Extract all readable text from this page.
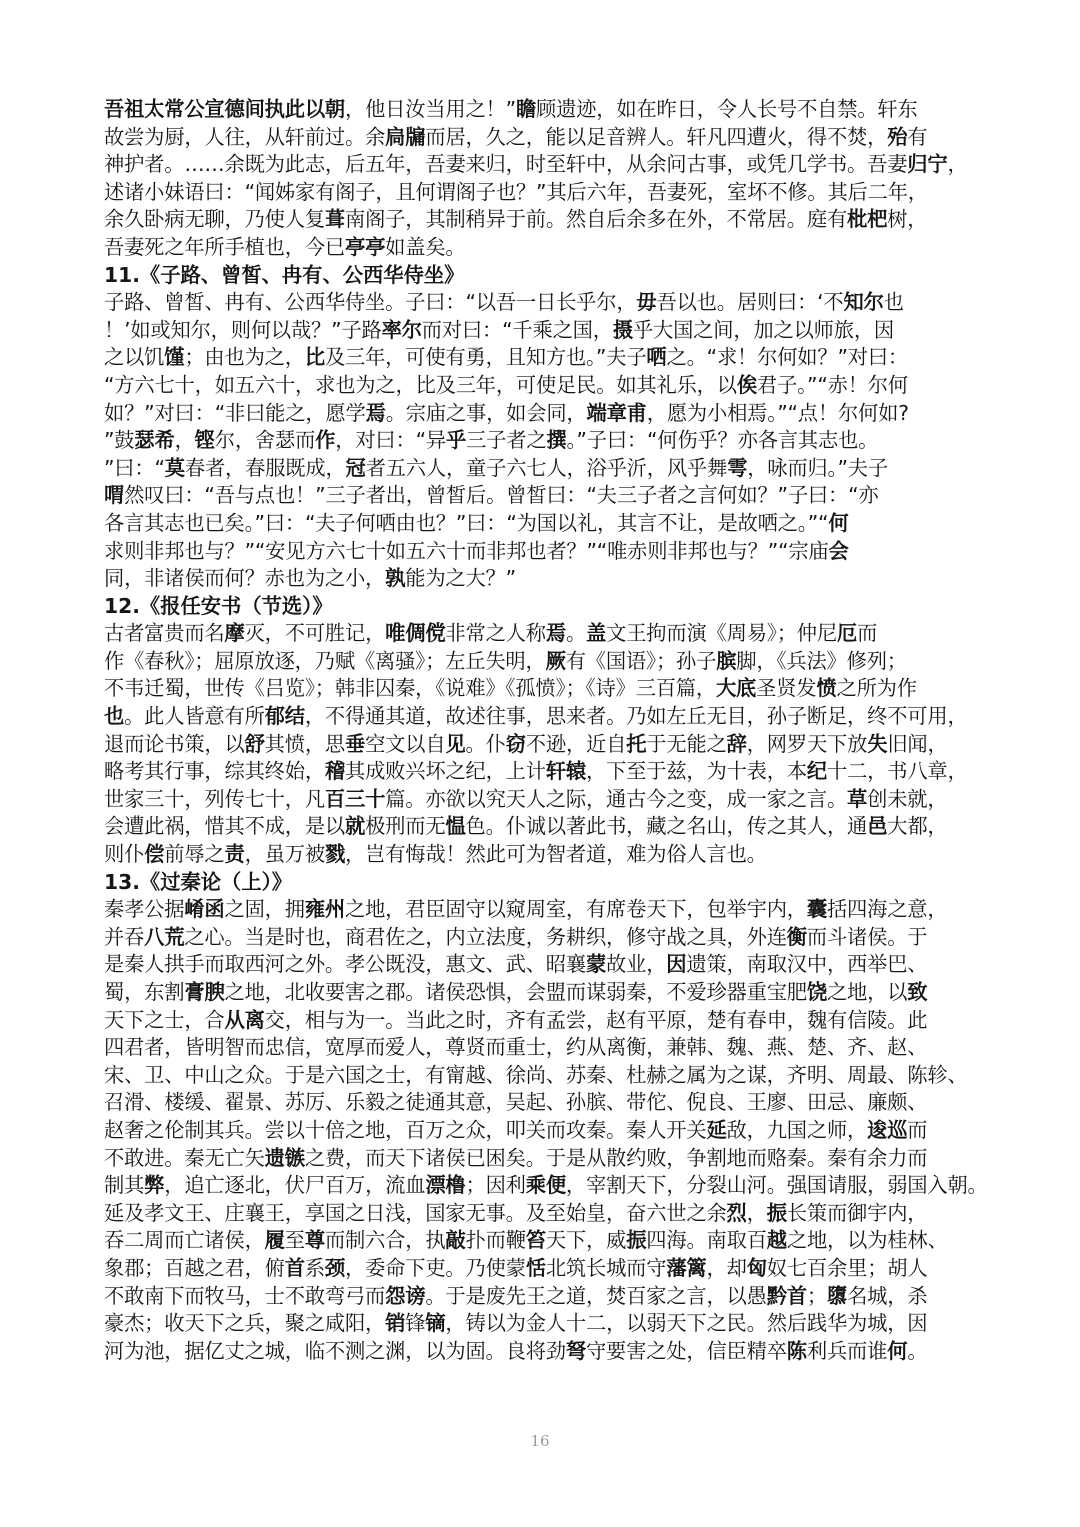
吾祖太常公宣德间执此以朝，他日汝当用之！”瞻顾遗迹，如在昨日，令人长号不自禁。轩东
故尝为厨，人往，从轩前过。余扃牖而居，久之，能以足音辨人。轩凡四遭火，得不焚，殆有
神护者。……余既为此志，后五年，吾妻来归，时至轩中，从余问古事，或凭几学书。吾妻归宁，
述诸小妹语曰：“闻姊家有阁子，且何谓阁子也？”其后六年，吾妻死，室坏不修。其后二年，
余久卧病无聊，乃使人复葺南阁子，其制稍异于前。然自后余多在外，不常居。庭有枇杷树，
吾妻死之年所手植也，今已亭亭如盖矣。
11.《子路、曾皙、冉有、公西华侍坐》
子路、曾皙、冉有、公西华侍坐。子曰：“以吾一日长乎尔，毋吾以也。居则曰：‘不知尔也
！’如或知尔，则何以哉？”子路率尔而对曰：“千乘之国，摄乎大国之间，加之以师旅，因
之以饥馑；由也为之，比及三年，可使有勇，且知方也。”夫子哂之。“求！尔何如？”对曰：
“方六七十，如五六十，求也为之，比及三年，可使足民。如其礼乐，以俟君子。”“赤！尔何
如？”对曰：“非曰能之，愿学焉。宗庙之事，如会同，端章甫，愿为小相焉。”“点！尔何如?
”鼓瑟希，铿尔，舍瑟而作，对曰：“异乎三子者之撰。”子曰：“何伤乎？亦各言其志也。
”曰：“莫春者，春服既成，冠者五六人，童子六七人，浴乎沂，风乎舞雩，咏而归。”夫子
喟然叹曰：“吾与点也！”三子者出，曾皙后。曾皙曰：“夫三子者之言何如？”子曰：“亦
各言其志也已矣。”曰：“夫子何哂由也？”曰：“为国以礼，其言不让，是故哂之。”“何
求则非邦也与？”“安见方六七十如五六十而非邦也者？”“唯赤则非邦也与？”“宗庙会
同，非诸侯而何？赤也为之小，孰能为之大？”
12.《报任安书（节选）》
古者富贵而名摩灭，不可胜记，唯倜傥非常之人称焉。盖文王拘而演《周易》；仲尼厄而
作《春秋》；屈原放逐，乃赋《离骚》；左丘失明，厥有《国语》；孙子膑脚，《兵法》修列；
不韦迁蜀，世传《吕览》；韩非囚秦，《说难》《孤愤》；《诗》三百篇，大底圣贤发愤之所为作
也。此人皆意有所郁结，不得通其道，故述往事，思来者。乃如左丘无目，孙子断足，终不可用，
退而论书策，以舒其愤，思垂空文以自见。仆窃不逊，近自托于无能之辞，网罗天下放失旧闻，
略考其行事，综其终始，稽其成败兴坏之纪，上计轩辕，下至于兹，为十表，本纪十二，书八章，
世家三十，列传七十，凡百三十篇。亦欲以究天人之际，通古今之变，成一家之言。草创未就，
会遭此祸，惜其不成，是以就极刑而无愠色。仆诚以著此书，藏之名山，传之其人，通邑大都，
则仆偿前辱之责，虽万被戮，岂有悔哉！然此可为智者道，难为俗人言也。
13.《过秦论（上）》
秦孝公据崤函之固，拥雍州之地，君臣固守以窥周室，有席卷天下，包举宇内，囊括四海之意，
并吞八荒之心。当是时也，商君佐之，内立法度，务耕织，修守战之具，外连衡而斗诸侯。于
是秦人拱手而取西河之外。孝公既没，惠文、武、昭襄蒙故业，因遗策，南取汉中，西举巴、
蜀，东割膏腴之地，北收要害之郡。诸侯恐惧，会盟而谋弱秦，不爱珍器重宝肥饶之地，以致
天下之士，合从离交，相与为一。当此之时，齐有孟尝，赵有平原，楚有春申，魏有信陵。此
四君者，皆明智而忠信，宽厚而爱人，尊贤而重士，约从离衡，兼韩、魏、燕、楚、齐、赵、
宋、卫、中山之众。于是六国之士，有甯越、徐尚、苏秦、杜赫之属为之谋，齐明、周最、陈轸、
召滑、楼缓、翟景、苏厉、乐毅之徒通其意，吴起、孙膑、带佗、倪良、王廖、田忌、廉颇、
赵奢之伦制其兵。尝以十倍之地，百万之众，叩关而攻秦。秦人开关延敌，九国之师，逡巡而
不敢进。秦无亡矢遗镞之费，而天下诸侯已困矣。于是从散约败，争割地而赂秦。秦有余力而
制其弊，追亡逐北，伏尸百万，流血漂橹；因利乘便，宰割天下，分裂山河。强国请服，弱国入朝。
延及孝文王、庄襄王，享国之日浅，国家无事。及至始皇，奋六世之余烈，振长策而御宇内，
吞二周而亡诸侯，履至尊而制六合，执敲扑而鞭笞天下，威振四海。南取百越之地，以为桂林、
象郡；百越之君，俯首系颈，委命下吏。乃使蒙恬北筑长城而守藩篱，却匈奴七百余里；胡人
不敢南下而牧马，士不敢弯弓而怨谤。于是废先王之道，焚百家之言，以愚黔首；隳名城，杀
豪杰；收天下之兵，聚之咸阳，销锋镝，铸以为金人十二，以弱天下之民。然后践华为城，因
河为池，据亿丈之城，临不测之渊，以为固。良将劲弩守要害之处，信臣精卒陈利兵而谁何。
16
